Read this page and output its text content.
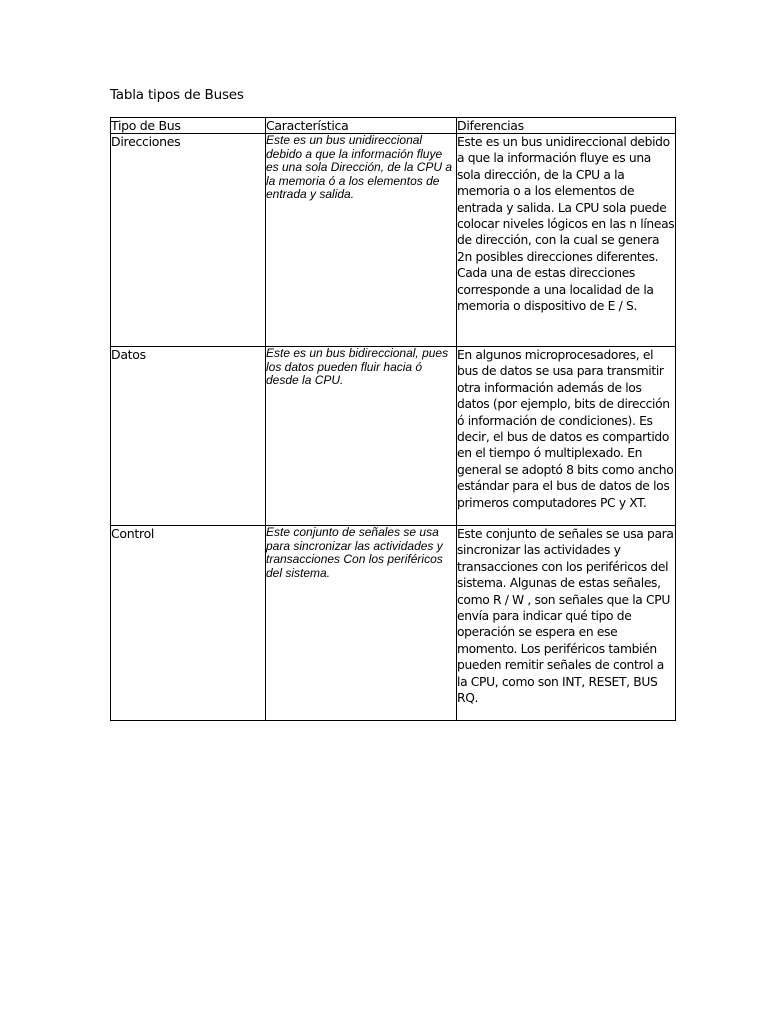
Tabla tipos de Buses
Tipo de Bus	Característica	Diferencias
Direcciones	Este es un bus unidireccional debido a que la información fluye es una sola Dirección, de la CPU a la memoria ó a los elementos de entrada y salida.	Este es un bus unidireccional debido a que la información fluye es una sola dirección, de la CPU a la memoria o a los elementos de entrada y salida. La CPU sola puede colocar niveles lógicos en las n líneas de dirección, con la cual se genera 2n posibles direcciones diferentes. Cada una de estas direcciones corresponde a una localidad de la memoria o dispositivo de E / S.

Datos	Este es un bus bidireccional, pues los datos pueden fluir hacia ó desde la CPU.	En algunos microprocesadores, el bus de datos se usa para transmitir otra información además de los datos (por ejemplo, bits de dirección ó información de condiciones). Es decir, el bus de datos es compartido en el tiempo ó multiplexado. En general se adoptó 8 bits como ancho estándar para el bus de datos de los primeros computadores PC y XT.

Control	Este conjunto de señales se usa para sincronizar las actividades y transacciones Con los periféricos del sistema.	Este conjunto de señales se usa para sincronizar las actividades y transacciones con los periféricos del sistema. Algunas de estas señales, como R / W , son señales que la CPU envía para indicar qué tipo de operación se espera en ese momento. Los periféricos también pueden remitir señales de control a la CPU, como son INT, RESET, BUS RQ.
